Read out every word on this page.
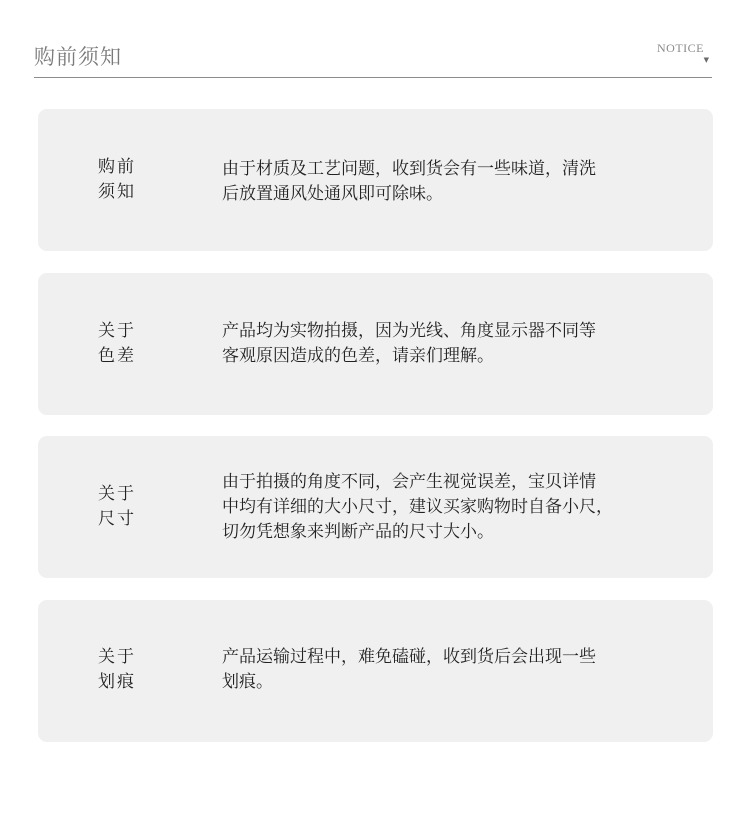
购前须知	NOTICE
▼
购前
须知
由于材质及工艺问题，收到货会有一些味道，清洗
后放置通风处通风即可除味。
关于
色差
产品均为实物拍摄，因为光线、角度显示器不同等
客观原因造成的色差，请亲们理解。
关于
尺寸
由于拍摄的角度不同，会产生视觉误差，宝贝详情
中均有详细的大小尺寸，建议买家购物时自备小尺，
切勿凭想象来判断产品的尺寸大小。
关于
划痕
产品运输过程中，难免磕碰，收到货后会出现一些
划痕。
